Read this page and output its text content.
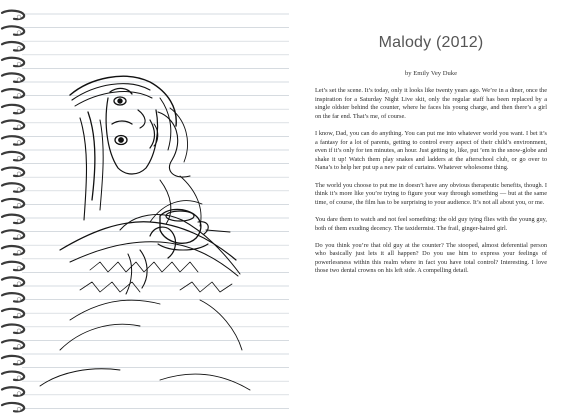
Malody (2012)
by Emily Vey Duke

Let’s set the scene. It’s today, only it looks like twenty years ago. We’re in a diner, once the inspiration for a Saturday Night Live skit, only the regular staff has been replaced by a single oldster behind the counter, where he faces his young charge, and then there’s a girl on the far end. That’s me, of course.

I know, Dad, you can do anything. You can put me into whatever world you want. I bet it’s a fantasy for a lot of parents, getting to control every aspect of their child’s environment, even if it’s only for ten minutes, an hour. Just getting to, like, put ’em in the snow-globe and shake it up! Watch them play snakes and ladders at the afterschool club, or go over to Nana’s to help her put up a new pair of curtains. Whatever wholesome thing.

The world you choose to put me in doesn’t have any obvious therapeutic benefits, though. I think it’s more like you’re trying to figure your way through something — but at the same time, of course, the film has to be surprising to your audience. It’s not all about you, or me.

You dare them to watch and not feel something: the old guy tying flies with the young guy, both of them exuding decency. The taxidermist. The frail, ginger-haired girl.

Do you think you’re that old guy at the counter? The stooped, almost deferential person who basically just lets it all happen? Do you use him to express your feelings of powerlessness within this realm where in fact you have total control? Interesting. I love those two dental crowns on his left side. A compelling detail.
